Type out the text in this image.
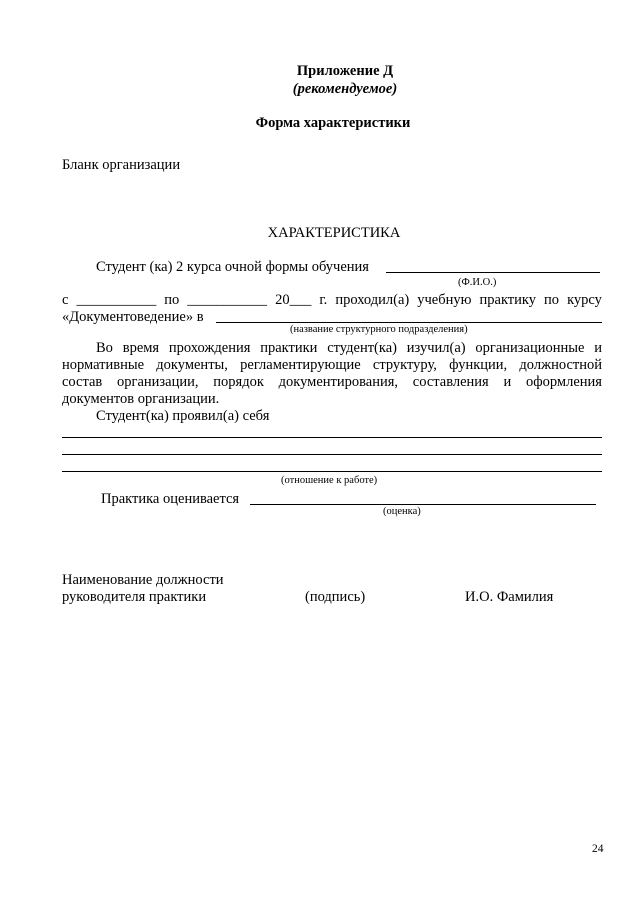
Приложение Д
(рекомендуемое)
Форма характеристики
Бланк организации
ХАРАКТЕРИСТИКА
Студент (ка) 2 курса очной формы обучения
(Ф.И.О.)
с ___________ по ___________ 20___ г. проходил(а) учебную практику по курсу
«Документоведение» в
(название структурного подразделения)
Во время прохождения практики студент(ка) изучил(а) организационные и
нормативные документы, регламентирующие структуру, функции, должностной
состав организации, порядок документирования, составления и оформления
документов организации.
Студент(ка) проявил(а) себя
(отношение к работе)
Практика оценивается
(оценка)
Наименование должности
руководителя практики	(подпись)	И.О. Фамилия
24
